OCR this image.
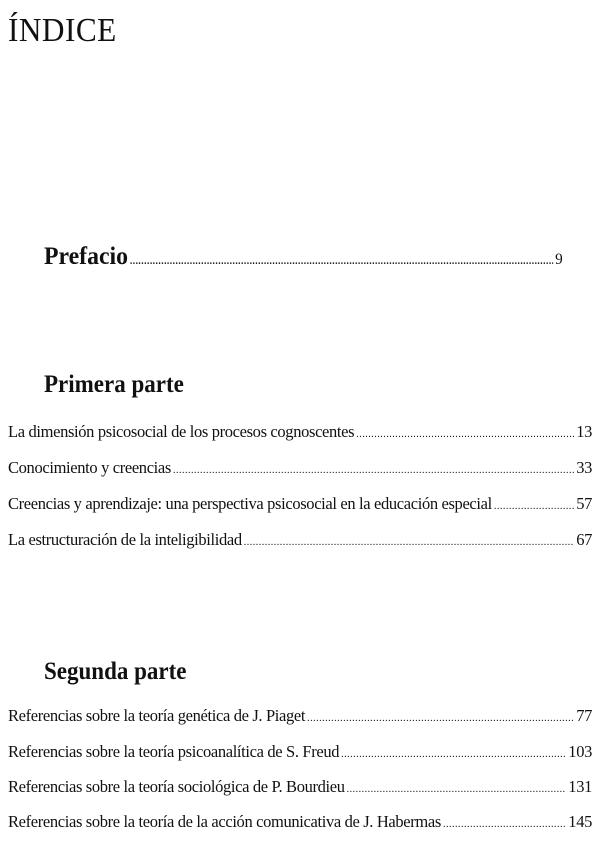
ÍNDICE
Prefacio .....	9
Primera parte
La dimensión psicosocial de los procesos cognoscentes .....	13
Conocimiento y creencias .....	33
Creencias y aprendizaje: una perspectiva psicosocial en la educación especial .....	57
La estructuración de la inteligibilidad .....	67
Segunda parte
Referencias sobre la teoría genética de J. Piaget .....	77
Referencias sobre la teoría psicoanalítica de S. Freud .....	103
Referencias sobre la teoría sociológica de P. Bourdieu .....	131
Referencias sobre la teoría de la acción comunicativa de J. Habermas .....	145
